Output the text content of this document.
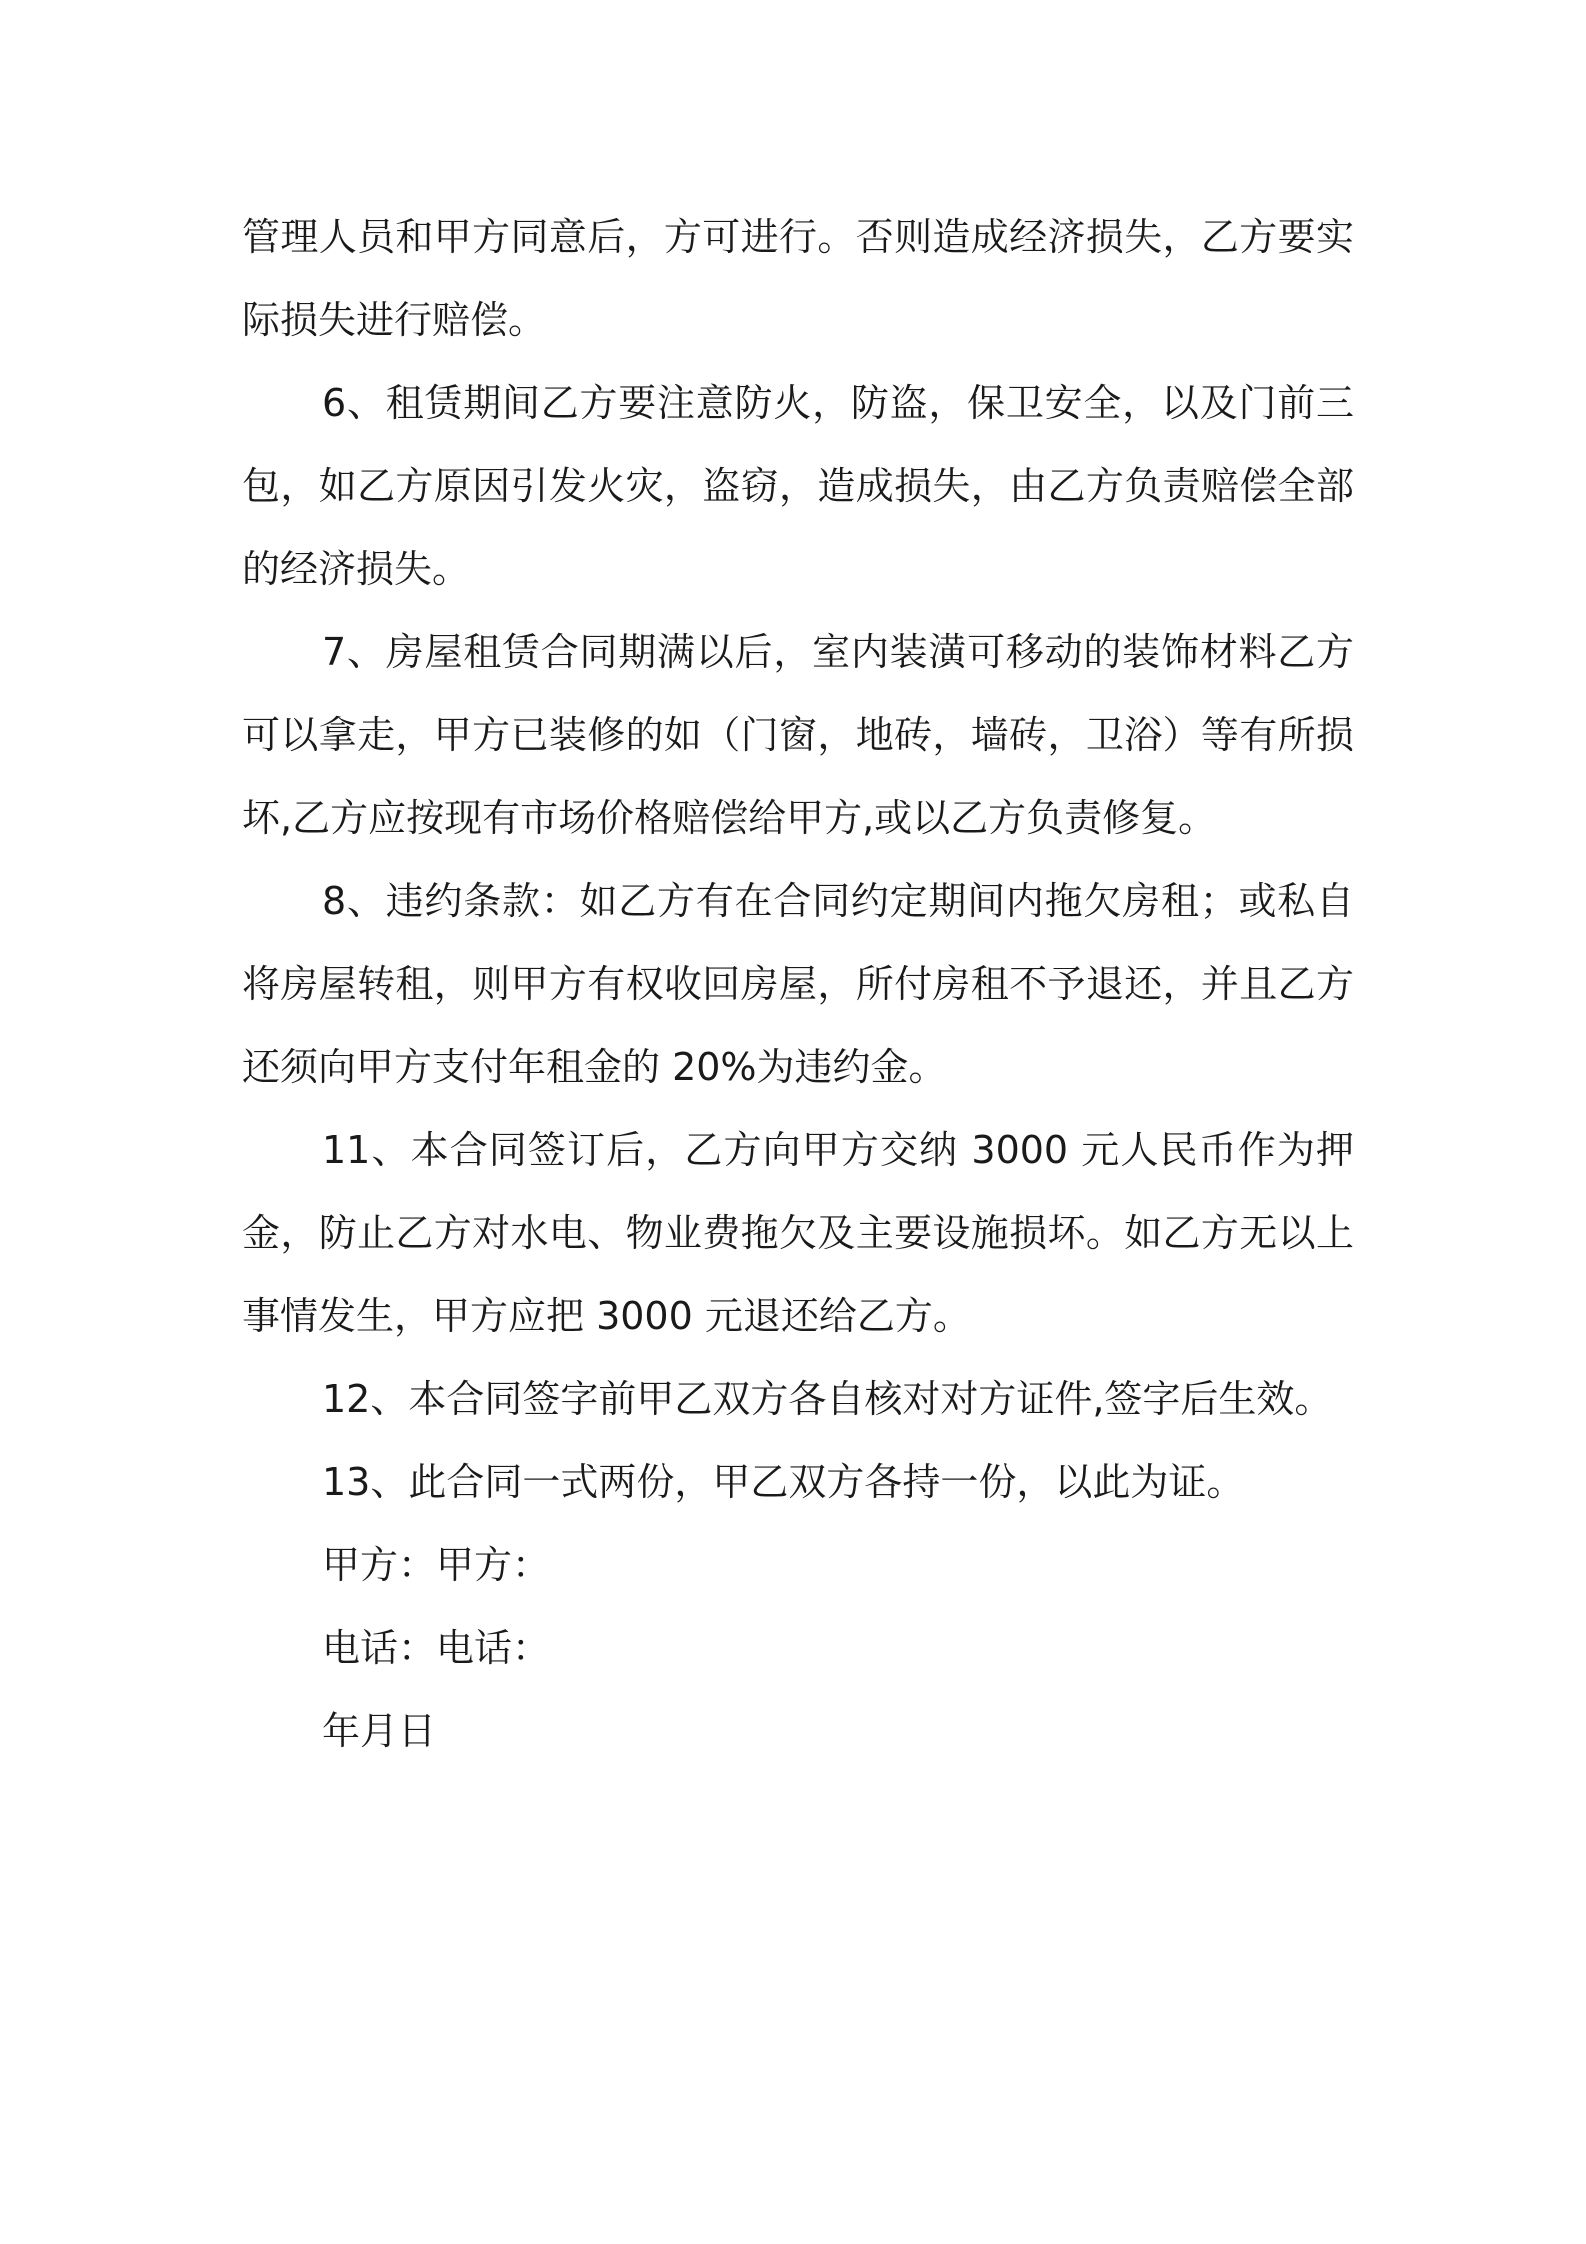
管理人员和甲方同意后，方可进行。否则造成经济损失，乙方要实际损失进行赔偿。

6、租赁期间乙方要注意防火，防盗，保卫安全，以及门前三包，如乙方原因引发火灾，盗窃，造成损失，由乙方负责赔偿全部的经济损失。

7、房屋租赁合同期满以后，室内装潢可移动的装饰材料乙方可以拿走，甲方已装修的如（门窗，地砖，墙砖，卫浴）等有所损坏,乙方应按现有市场价格赔偿给甲方,或以乙方负责修复。

8、违约条款：如乙方有在合同约定期间内拖欠房租；或私自将房屋转租，则甲方有权收回房屋，所付房租不予退还，并且乙方还须向甲方支付年租金的 20%为违约金。

11、本合同签订后，乙方向甲方交纳 3000 元人民币作为押金，防止乙方对水电、物业费拖欠及主要设施损坏。如乙方无以上事情发生，甲方应把 3000 元退还给乙方。

12、本合同签字前甲乙双方各自核对对方证件,签字后生效。

13、此合同一式两份，甲乙双方各持一份，以此为证。

甲方：甲方：

电话：电话：

年月日
